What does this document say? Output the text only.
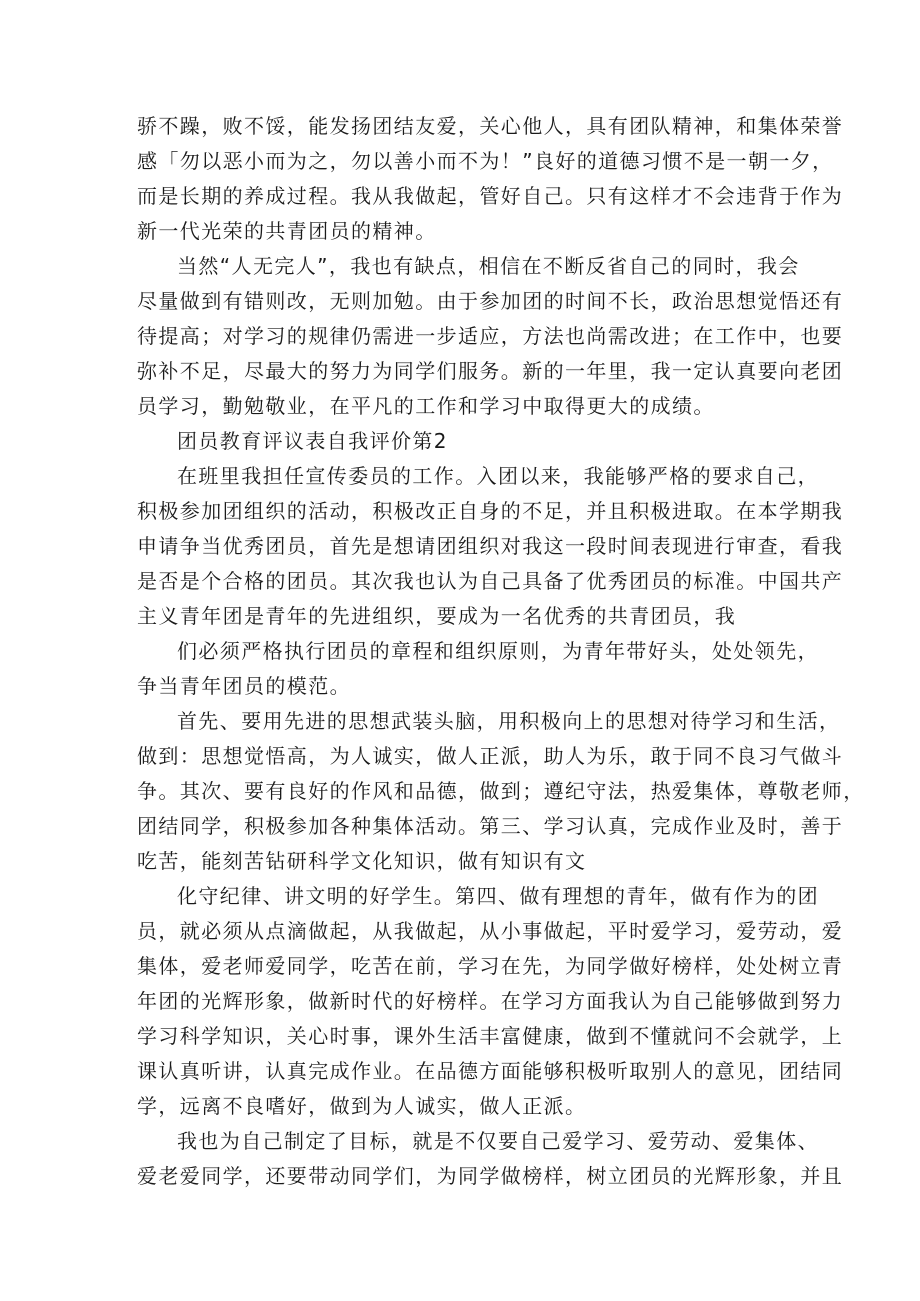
骄不躁，败不馁，能发扬团结友爱，关心他人，具有团队精神，和集体荣誉
感「勿以恶小而为之，勿以善小而不为！”良好的道德习惯不是一朝一夕，
而是长期的养成过程。我从我做起，管好自己。只有这样才不会违背于作为
新一代光荣的共青团员的精神。
当然“人无完人”，我也有缺点，相信在不断反省自己的同时，我会
尽量做到有错则改，无则加勉。由于参加团的时间不长，政治思想觉悟还有
待提高；对学习的规律仍需进一步适应，方法也尚需改进；在工作中，也要
弥补不足，尽最大的努力为同学们服务。新的一年里，我一定认真要向老团
员学习，勤勉敬业，在平凡的工作和学习中取得更大的成绩。
团员教育评议表自我评价第2
在班里我担任宣传委员的工作。入团以来，我能够严格的要求自己，
积极参加团组织的活动，积极改正自身的不足，并且积极进取。在本学期我
申请争当优秀团员，首先是想请团组织对我这一段时间表现进行审查，看我
是否是个合格的团员。其次我也认为自己具备了优秀团员的标准。中国共产
主义青年团是青年的先进组织，要成为一名优秀的共青团员，我
们必须严格执行团员的章程和组织原则，为青年带好头，处处领先，
争当青年团员的模范。
首先、要用先进的思想武装头脑，用积极向上的思想对待学习和生活，
做到：思想觉悟高，为人诚实，做人正派，助人为乐，敢于同不良习气做斗
争。其次、要有良好的作风和品德，做到；遵纪守法，热爱集体，尊敬老师，
团结同学，积极参加各种集体活动。第三、学习认真，完成作业及时，善于
吃苦，能刻苦钻研科学文化知识，做有知识有文
化守纪律、讲文明的好学生。第四、做有理想的青年，做有作为的团
员，就必须从点滴做起，从我做起，从小事做起，平时爱学习，爱劳动，爱
集体，爱老师爱同学，吃苦在前，学习在先，为同学做好榜样，处处树立青
年团的光辉形象，做新时代的好榜样。在学习方面我认为自己能够做到努力
学习科学知识，关心时事，课外生活丰富健康，做到不懂就问不会就学，上
课认真听讲，认真完成作业。在品德方面能够积极听取别人的意见，团结同
学，远离不良嗜好，做到为人诚实，做人正派。
我也为自己制定了目标，就是不仅要自己爱学习、爱劳动、爱集体、
爱老爱同学，还要带动同学们，为同学做榜样，树立团员的光辉形象，并且
